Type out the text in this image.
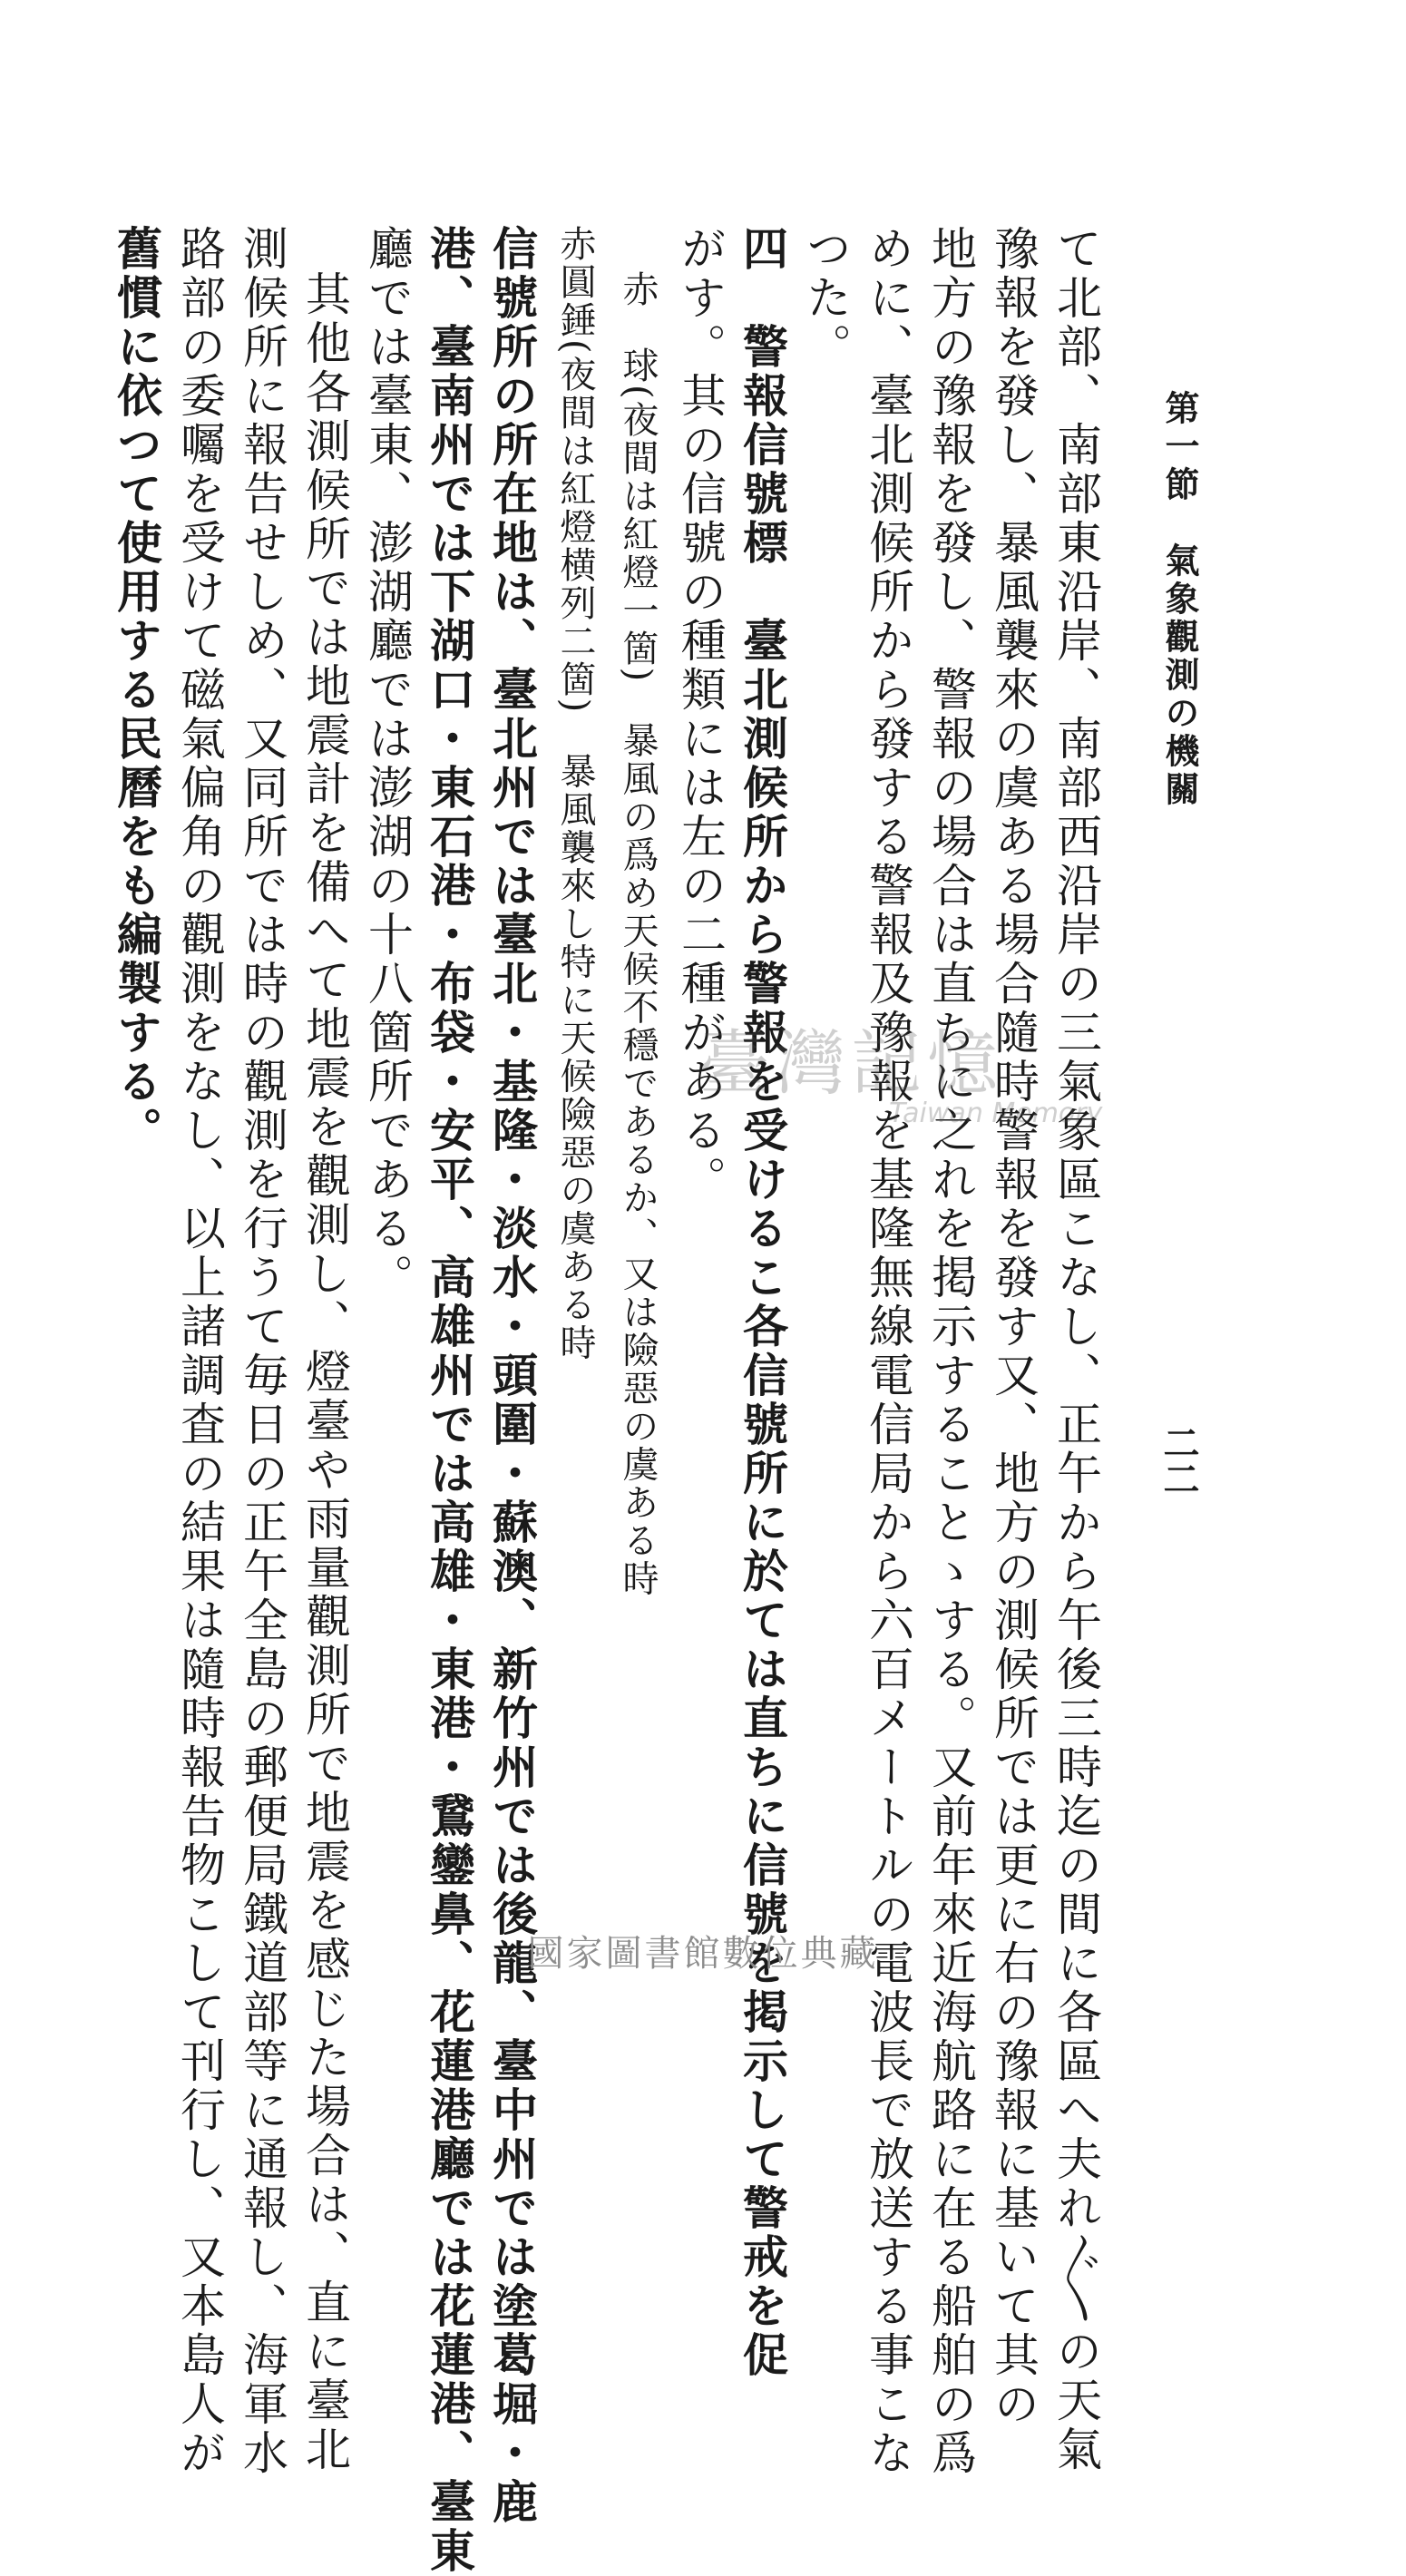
第一節　氣象觀測の機關
二二
て北部、南部東沿岸、南部西沿岸の三氣象區こなし、正午から午後三時迄の間に各區へ夫れ〴〵の天氣
豫報を發し、暴風襲來の虞ある場合隨時警報を發す又、地方の測候所では更に右の豫報に基いて其の
地方の豫報を發し、警報の場合は直ちに之れを掲示することゝする。又前年來近海航路に在る船舶の爲
めに、臺北測候所から發する警報及豫報を基隆無線電信局から六百メートルの電波長で放送する事こな
つた。
四　警報信號標　臺北測候所から警報を受けるこ各信號所に於ては直ちに信號を掲示して警戒を促
がす。其の信號の種類には左の二種がある。
赤　球(夜間は紅燈一箇)　暴風の爲め天候不穩であるか、又は險惡の虞ある時
赤圓錘(夜間は紅燈横列二箇)　暴風襲來し特に天候險惡の虞ある時
信號所の所在地は、臺北州では臺北・基隆・淡水・頭圍・蘇澳、新竹州では後龍、臺中州では塗葛堀・鹿
港、臺南州では下湖口・東石港・布袋・安平、高雄州では高雄・東港・鵞鑾鼻、花蓮港廳では花蓮港、臺東
廳では臺東、澎湖廳では澎湖の十八箇所である。
其他各測候所では地震計を備へて地震を觀測し、燈臺や雨量觀測所で地震を感じた場合は、直に臺北
測候所に報告せしめ、又同所では時の觀測を行うて毎日の正午全島の郵便局鐵道部等に通報し、海軍水
路部の委囑を受けて磁氣偏角の觀測をなし、以上諸調査の結果は隨時報告物こして刊行し、又本島人が
舊慣に依つて使用する民曆をも編製する。	臺灣記憶
Taiwan Memory
國家圖書館數位典藏
